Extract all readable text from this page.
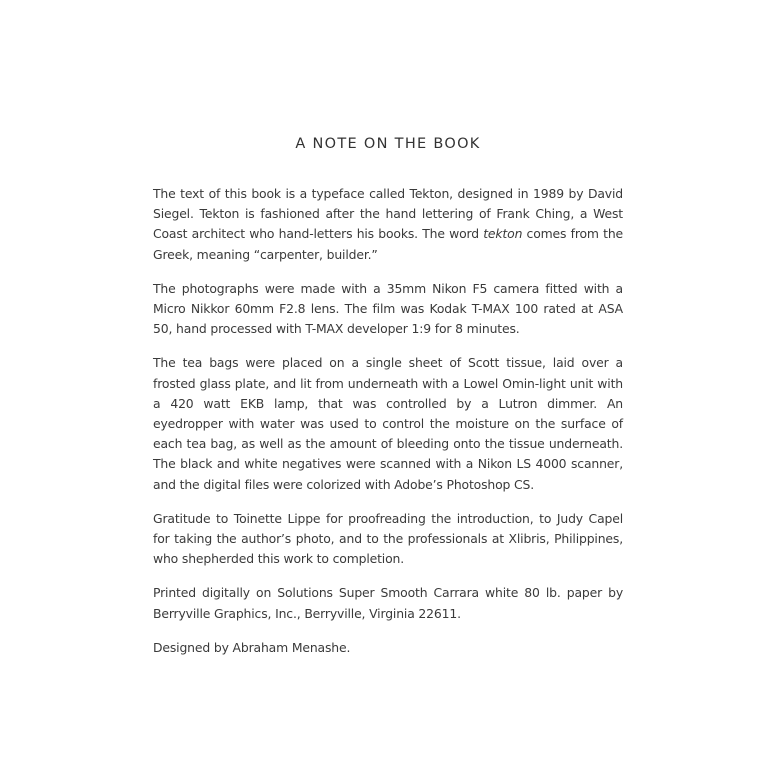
A NOTE ON THE BOOK

The text of this book is a typeface called Tekton, designed in 1989 by David Siegel. Tekton is fashioned after the hand lettering of Frank Ching, a West Coast architect who hand-letters his books. The word tekton comes from the Greek, meaning “carpenter, builder.”

The photographs were made with a 35mm Nikon F5 camera fitted with a Micro Nikkor 60mm F2.8 lens. The film was Kodak T-MAX 100 rated at ASA 50, hand processed with T-MAX developer 1:9 for 8 minutes.

The tea bags were placed on a single sheet of Scott tissue, laid over a frosted glass plate, and lit from underneath with a Lowel Omin-light unit with a 420 watt EKB lamp, that was controlled by a Lutron dimmer. An eyedropper with water was used to control the moisture on the surface of each tea bag, as well as the amount of bleeding onto the tissue underneath. The black and white negatives were scanned with a Nikon LS 4000 scanner, and the digital files were colorized with Adobe’s Photoshop CS.

Gratitude to Toinette Lippe for proofreading the introduction, to Judy Capel for taking the author’s photo, and to the professionals at Xlibris, Philippines, who shepherded this work to completion.

Printed digitally on Solutions Super Smooth Carrara white 80 lb. paper by Berryville Graphics, Inc., Berryville, Virginia 22611.

Designed by Abraham Menashe.
